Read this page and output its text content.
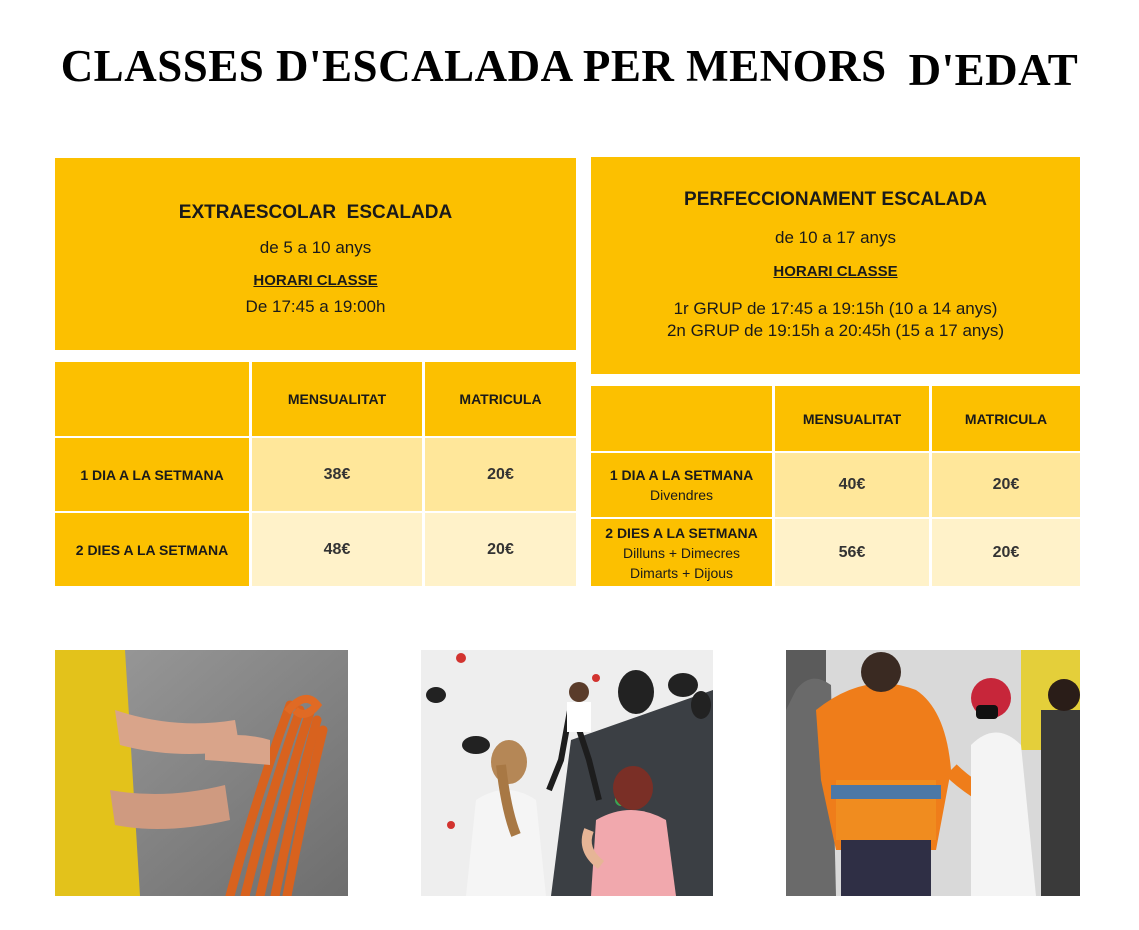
CLASSES D'ESCALADA PER MENORS D'EDAT
EXTRAESCOLAR  ESCALADA
de 5 a 10 anys
HORARI CLASSE
De 17:45 a 19:00h
MENSUALITAT	MATRICULA
1 DIA A LA SETMANA	38€	20€
2 DIES A LA SETMANA	48€	20€
PERFECCIONAMENT ESCALADA
de 10 a 17 anys
HORARI CLASSE
1r GRUP de 17:45 a 19:15h (10 a 14 anys)
2n GRUP de 19:15h a 20:45h (15 a 17 anys)
MENSUALITAT	MATRICULA
1 DIA A LA SETMANA
Divendres
40€	20€
2 DIES A LA SETMANA
Dilluns + Dimecres
Dimarts + Dijous
56€	20€
